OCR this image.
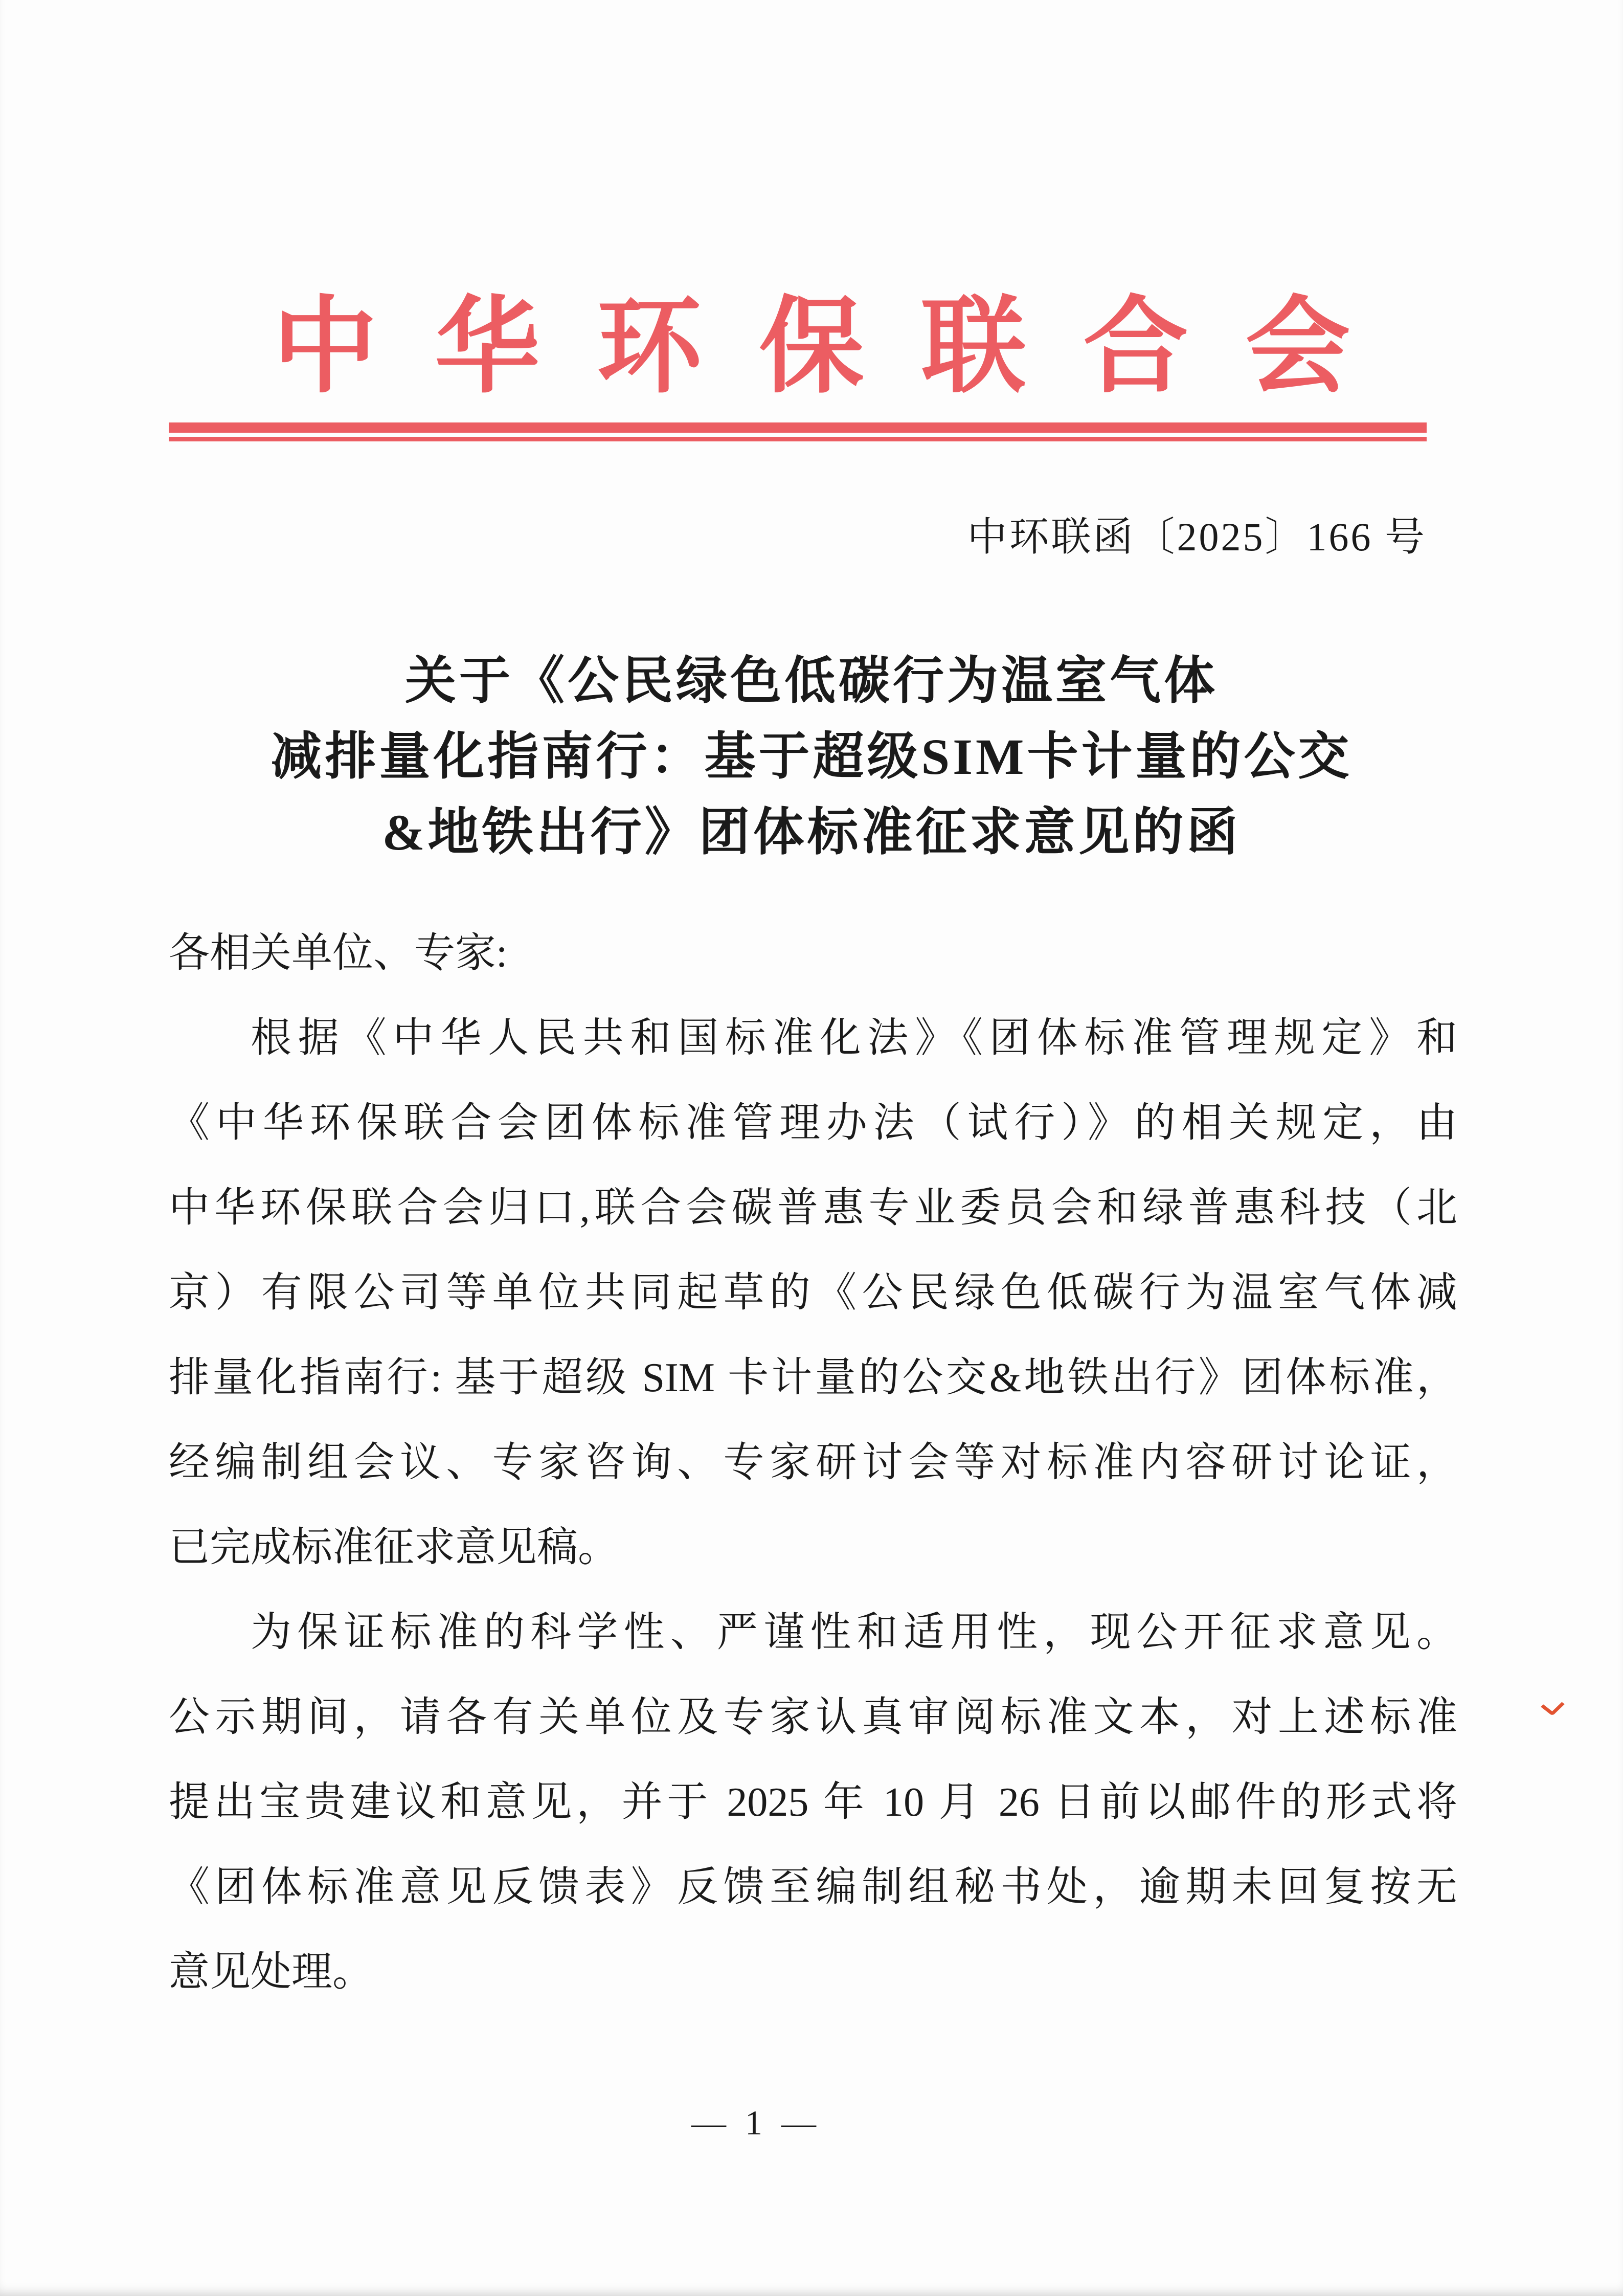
中华环保联合会
中环联函〔2025〕166 号
关于《公民绿色低碳行为温室气体
减排量化指南行：基于超级SIM卡计量的公交
&地铁出行》团体标准征求意见的函
各相关单位、专家:
根据《中华人民共和国标准化法》《团体标准管理规定》和
《中华环保联合会团体标准管理办法（试行）》的相关规定，由
中华环保联合会归口,联合会碳普惠专业委员会和绿普惠科技（北
京）有限公司等单位共同起草的《公民绿色低碳行为温室气体减
排量化指南行: 基于超级 SIM 卡计量的公交&地铁出行》团体标准，
经编制组会议、专家咨询、专家研讨会等对标准内容研讨论证，
已完成标准征求意见稿。
为保证标准的科学性、严谨性和适用性，现公开征求意见。
公示期间，请各有关单位及专家认真审阅标准文本，对上述标准
提出宝贵建议和意见，并于 2025 年 10 月 26 日前以邮件的形式将
《团体标准意见反馈表》反馈至编制组秘书处，逾期未回复按无
意见处理。
— 1 —
